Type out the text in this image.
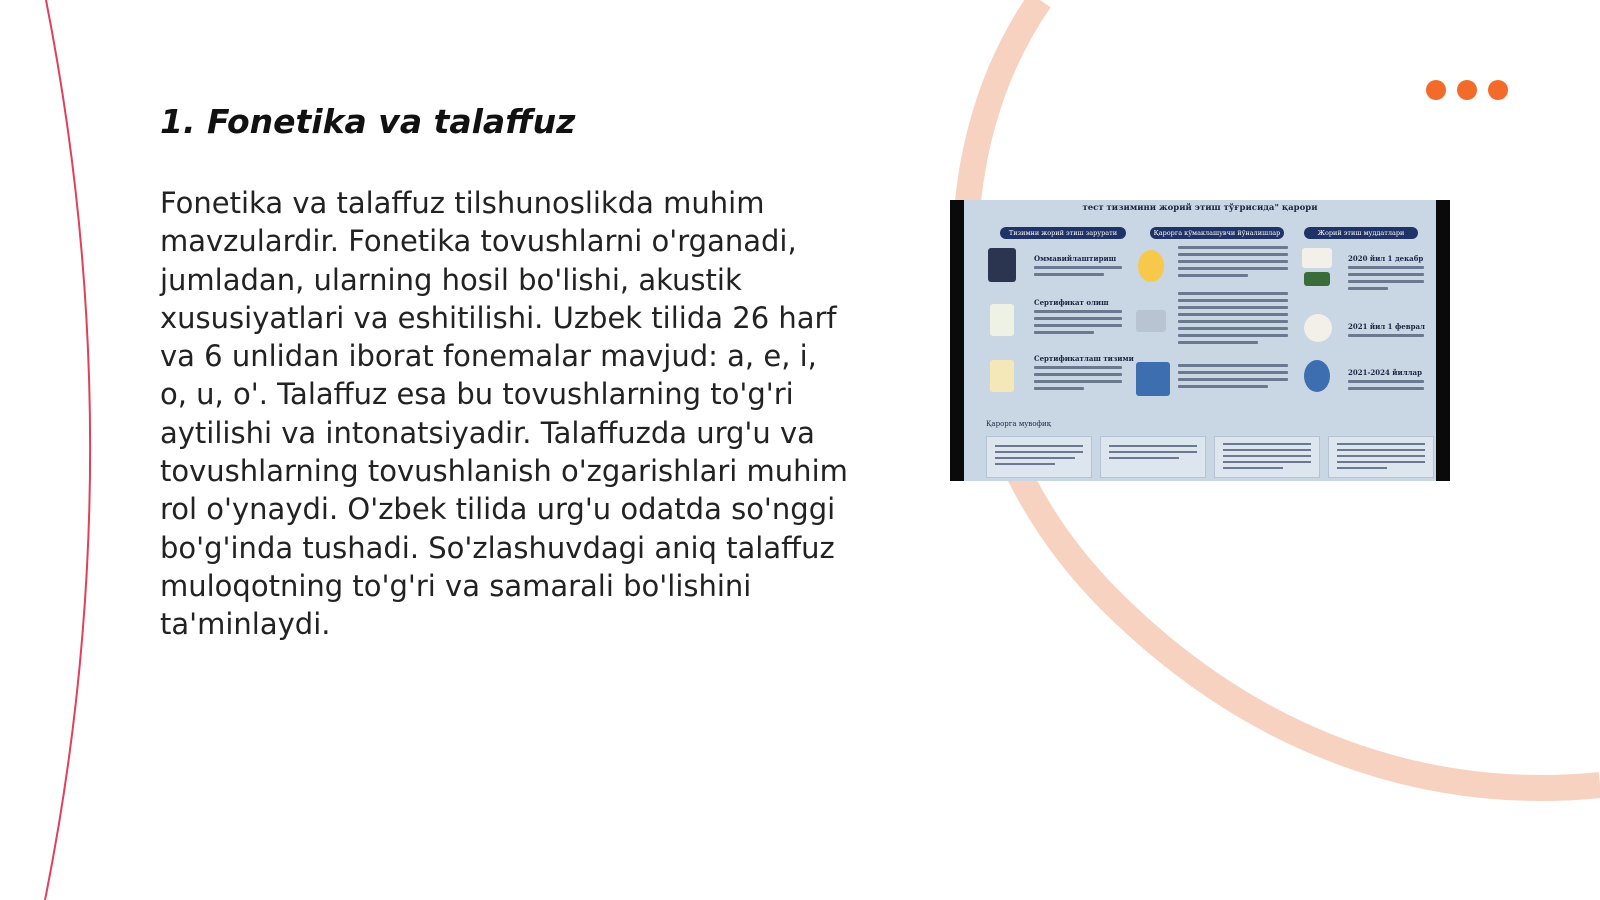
1. Fonetika va talaffuz

Fonetika va talaffuz tilshunoslikda muhim mavzulardir. Fonetika tovushlarni o'rganadi, jumladan, ularning hosil bo'lishi, akustik xususiyatlari va eshitilishi. Uzbek tilida 26 harf va 6 unlidan iborat fonemalar mavjud: a, e, i, o, u, o'. Talaffuz esa bu tovushlarning to'g'ri aytilishi va intonatsiyadir. Talaffuzda urg'u va tovushlarning tovushlanish o'zgarishlari muhim rol o'ynaydi. O'zbek tilida urg'u odatda so'nggi bo'g'inda tushadi. So'zlashuvdagi aniq talaffuz muloqotning to'g'ri va samarali bo'lishini ta'minlaydi.

тест тизимини жорий этиш тўғрисида" қарори
Тизимни жорий этиш зарурати	Қарорга кўмаклашувчи йўналишлар	Жорий этиш муддатлари
Оммавийлаштириш
Сертификат олиш
Сертификатлаш тизими
2020 йил 1 декабр
2021 йил 1 феврал
2021-2024 йиллар
Қарорга мувофиқ
